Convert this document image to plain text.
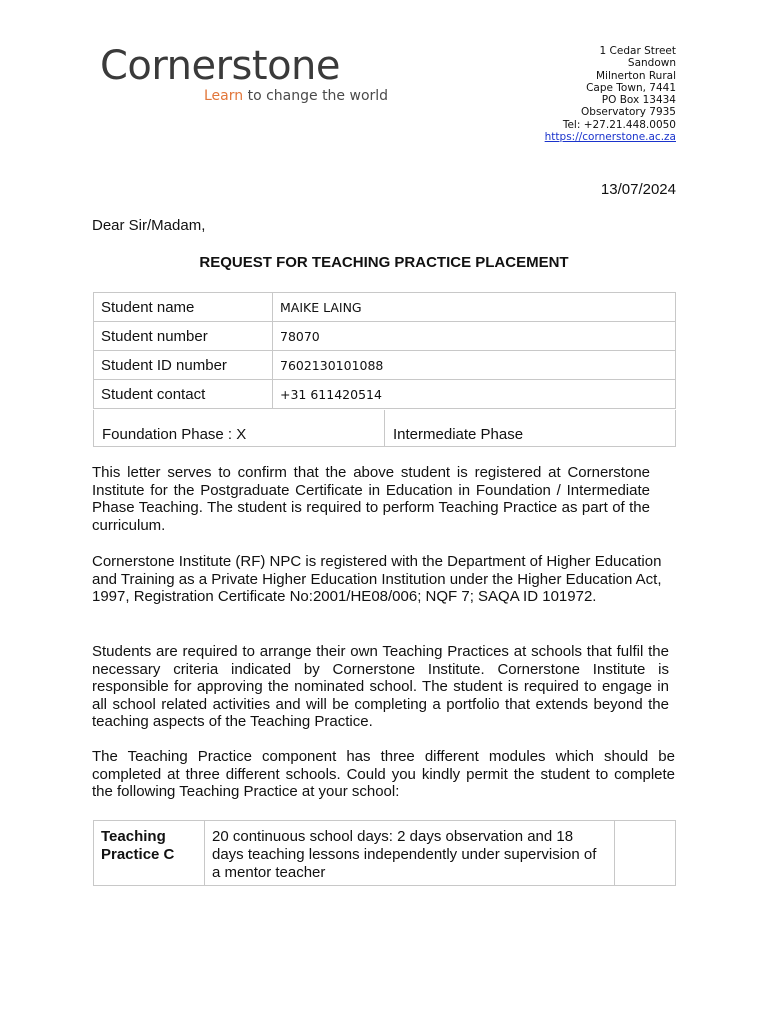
Cornerstone
Learn to change the world
1 Cedar Street
Sandown
Milnerton Rural
Cape Town, 7441
PO Box 13434
Observatory 7935
Tel: +27.21.448.0050
https://cornerstone.ac.za
13/07/2024
Dear Sir/Madam,
REQUEST FOR TEACHING PRACTICE PLACEMENT
Student name	MAIKE LAING
Student number	78070
Student ID number	7602130101088
Student contact	+31 611420514
Foundation Phase : X	Intermediate Phase
This letter serves to confirm that the above student is registered at Cornerstone Institute for the Postgraduate Certificate in Education in Foundation / Intermediate Phase Teaching. The student is required to perform Teaching Practice as part of the curriculum.
Cornerstone Institute (RF) NPC is registered with the Department of Higher Education and Training as a Private Higher Education Institution under the Higher Education Act, 1997, Registration Certificate No:2001/HE08/006; NQF 7; SAQA ID 101972.
Students are required to arrange their own Teaching Practices at schools that fulfil the necessary criteria indicated by Cornerstone Institute. Cornerstone Institute is responsible for approving the nominated school. The student is required to engage in all school related activities and will be completing a portfolio that extends beyond the teaching aspects of the Teaching Practice.
The Teaching Practice component has three different modules which should be completed at three different schools. Could you kindly permit the student to complete the following Teaching Practice at your school:
Teaching Practice C	20 continuous school days: 2 days observation and 18 days teaching lessons independently under supervision of a mentor teacher	
